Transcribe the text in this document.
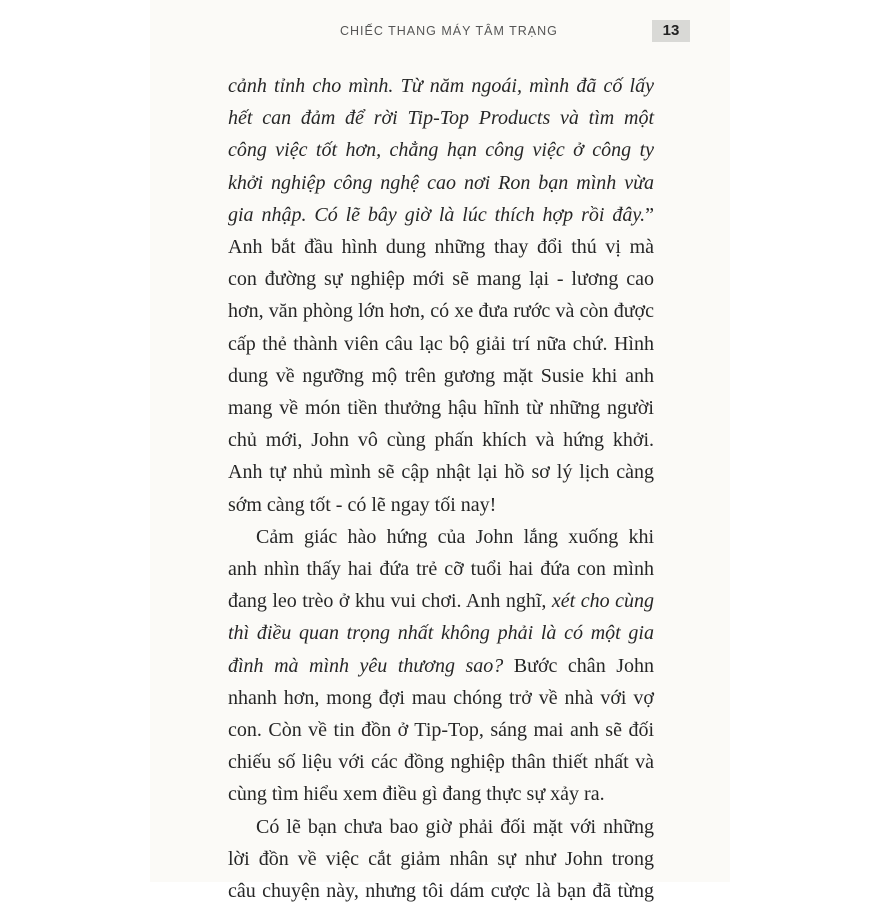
CHIẾC THANG MÁY TÂM TRẠNG	13
cảnh tỉnh cho mình. Từ năm ngoái, mình đã cố lấy
hết can đảm để rời Tip-Top Products và tìm một
công việc tốt hơn, chẳng hạn công việc ở công ty
khởi nghiệp công nghệ cao nơi Ron bạn mình vừa
gia nhập. Có lẽ bây giờ là lúc thích hợp rồi đây.”
Anh bắt đầu hình dung những thay đổi thú vị mà
con đường sự nghiệp mới sẽ mang lại - lương cao
hơn, văn phòng lớn hơn, có xe đưa rước và còn được
cấp thẻ thành viên câu lạc bộ giải trí nữa chứ. Hình
dung về ngưỡng mộ trên gương mặt Susie khi anh
mang về món tiền thưởng hậu hĩnh từ những người
chủ mới, John vô cùng phấn khích và hứng khởi.
Anh tự nhủ mình sẽ cập nhật lại hồ sơ lý lịch càng
sớm càng tốt - có lẽ ngay tối nay!
Cảm giác hào hứng của John lắng xuống khi
anh nhìn thấy hai đứa trẻ cỡ tuổi hai đứa con mình
đang leo trèo ở khu vui chơi. Anh nghĩ, xét cho cùng
thì điều quan trọng nhất không phải là có một gia
đình mà mình yêu thương sao? Bước chân John
nhanh hơn, mong đợi mau chóng trở về nhà với vợ
con. Còn về tin đồn ở Tip-Top, sáng mai anh sẽ đối
chiếu số liệu với các đồng nghiệp thân thiết nhất và
cùng tìm hiểu xem điều gì đang thực sự xảy ra.
Có lẽ bạn chưa bao giờ phải đối mặt với những
lời đồn về việc cắt giảm nhân sự như John trong
câu chuyện này, nhưng tôi dám cược là bạn đã từng
